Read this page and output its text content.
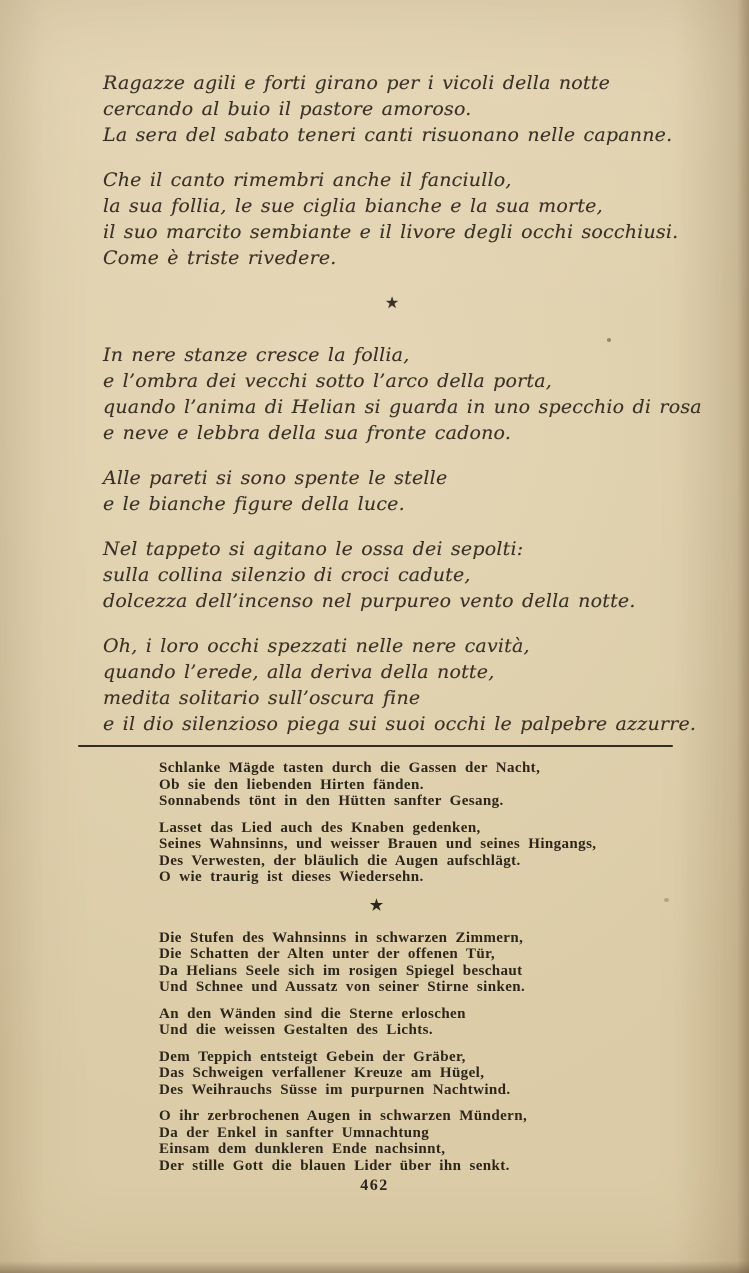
Ragazze agili e forti girano per i vicoli della notte
cercando al buio il pastore amoroso.
La sera del sabato teneri canti risuonano nelle capanne.
Che il canto rimembri anche il fanciullo,
la sua follia, le sue ciglia bianche e la sua morte,
il suo marcito sembiante e il livore degli occhi socchiusi.
Come è triste rivedere.
★
In nere stanze cresce la follia,
e l’ombra dei vecchi sotto l’arco della porta,
quando l’anima di Helian si guarda in uno specchio di rosa
e neve e lebbra della sua fronte cadono.
Alle pareti si sono spente le stelle
e le bianche figure della luce.
Nel tappeto si agitano le ossa dei sepolti:
sulla collina silenzio di croci cadute,
dolcezza dell’incenso nel purpureo vento della notte.
Oh, i loro occhi spezzati nelle nere cavità,
quando l’erede, alla deriva della notte,
medita solitario sull’oscura fine
e il dio silenzioso piega sui suoi occhi le palpebre azzurre.
Schlanke Mägde tasten durch die Gassen der Nacht,
Ob sie den liebenden Hirten fänden.
Sonnabends tönt in den Hütten sanfter Gesang.
Lasset das Lied auch des Knaben gedenken,
Seines Wahnsinns, und weisser Brauen und seines Hingangs,
Des Verwesten, der bläulich die Augen aufschlägt.
O wie traurig ist dieses Wiedersehn.
★
Die Stufen des Wahnsinns in schwarzen Zimmern,
Die Schatten der Alten unter der offenen Tür,
Da Helians Seele sich im rosigen Spiegel beschaut
Und Schnee und Aussatz von seiner Stirne sinken.
An den Wänden sind die Sterne erloschen
Und die weissen Gestalten des Lichts.
Dem Teppich entsteigt Gebein der Gräber,
Das Schweigen verfallener Kreuze am Hügel,
Des Weihrauchs Süsse im purpurnen Nachtwind.
O ihr zerbrochenen Augen in schwarzen Mündern,
Da der Enkel in sanfter Umnachtung
Einsam dem dunkleren Ende nachsinnt,
Der stille Gott die blauen Lider über ihn senkt.
462
